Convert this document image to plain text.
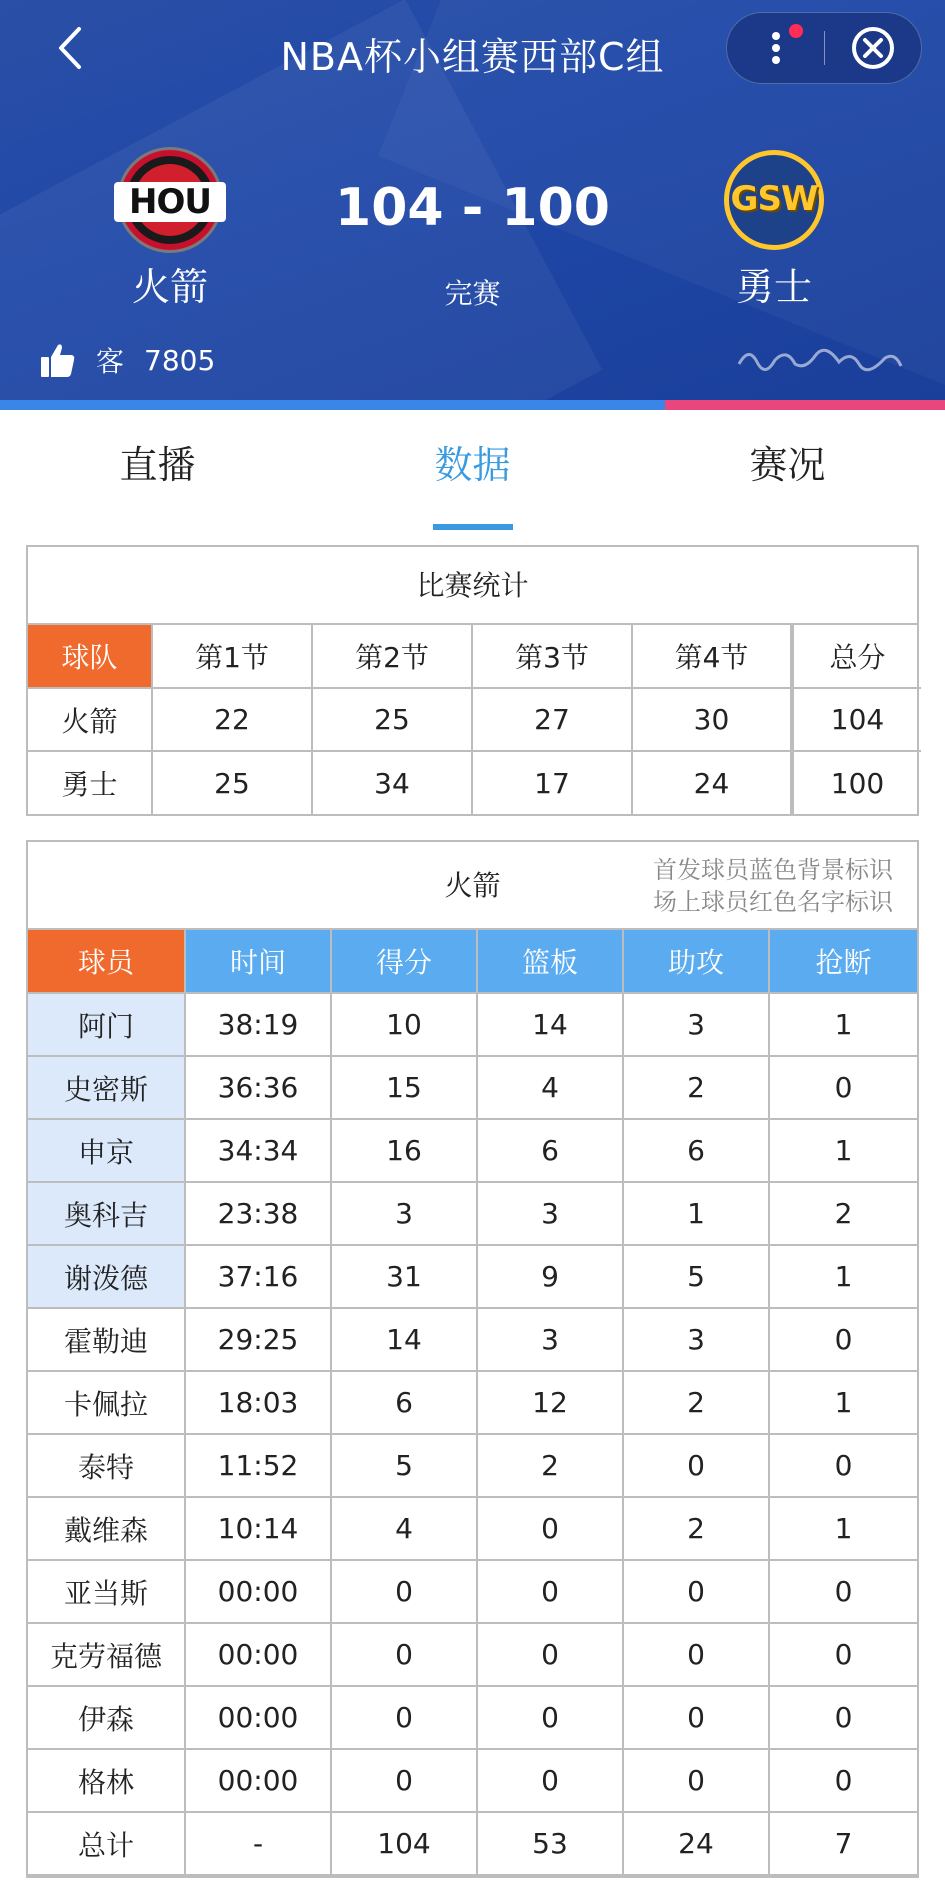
NBA杯小组赛西部C组
HOU
火箭
104 - 100
完赛
GSW
勇士
客 7805
直播	数据	赛况
比赛统计
球队	第1节	第2节	第3节	第4节	总分
火箭	22	25	27	30	104
勇士	25	34	17	24	100
火箭	首发球员蓝色背景标识
场上球员红色名字标识
球员	时间	得分	篮板	助攻	抢断
阿门	38:19	10	14	3	1
史密斯	36:36	15	4	2	0
申京	34:34	16	6	6	1
奥科吉	23:38	3	3	1	2
谢泼德	37:16	31	9	5	1
霍勒迪	29:25	14	3	3	0
卡佩拉	18:03	6	12	2	1
泰特	11:52	5	2	0	0
戴维森	10:14	4	0	2	1
亚当斯	00:00	0	0	0	0
克劳福德	00:00	0	0	0	0
伊森	00:00	0	0	0	0
格林	00:00	0	0	0	0
总计	-	104	53	24	7
